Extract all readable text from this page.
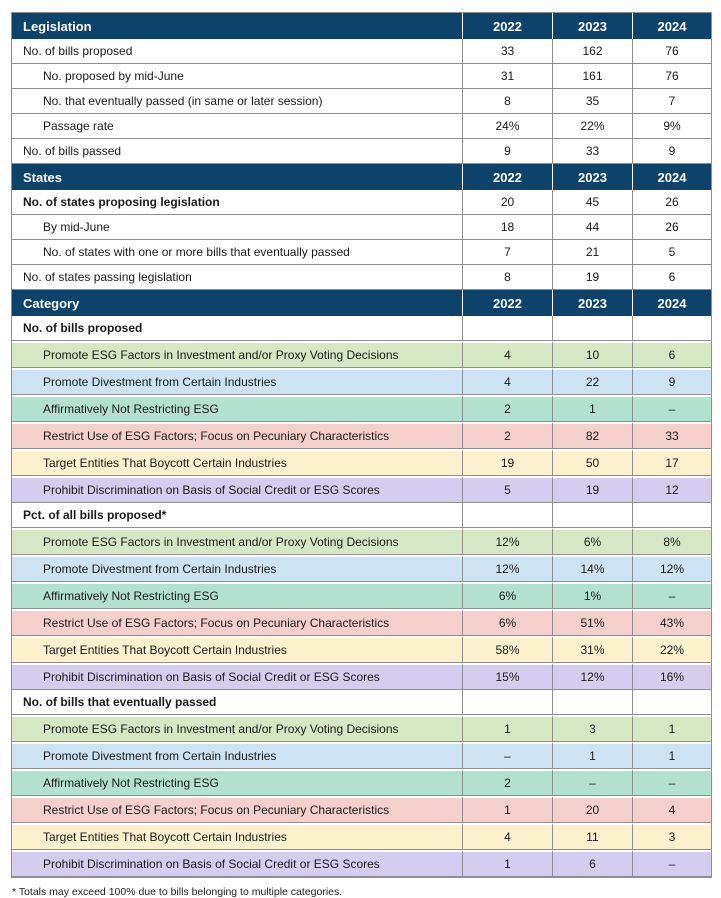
Legislation	2022	2023	2024
No. of bills proposed	33	162	76
No. proposed by mid-June	31	161	76
No. that eventually passed (in same or later session)	8	35	7
Passage rate	24%	22%	9%
No. of bills passed	9	33	9
States	2022	2023	2024
No. of states proposing legislation	20	45	26
By mid-June	18	44	26
No. of states with one or more bills that eventually passed	7	21	5
No. of states passing legislation	8	19	6
Category	2022	2023	2024
No. of bills proposed			
Promote ESG Factors in Investment and/or Proxy Voting Decisions	4	10	6
Promote Divestment from Certain Industries	4	22	9
Affirmatively Not Restricting ESG	2	1	–
Restrict Use of ESG Factors; Focus on Pecuniary Characteristics	2	82	33
Target Entities That Boycott Certain Industries	19	50	17
Prohibit Discrimination on Basis of Social Credit or ESG Scores	5	19	12
Pct. of all bills proposed*			
Promote ESG Factors in Investment and/or Proxy Voting Decisions	12%	6%	8%
Promote Divestment from Certain Industries	12%	14%	12%
Affirmatively Not Restricting ESG	6%	1%	–
Restrict Use of ESG Factors; Focus on Pecuniary Characteristics	6%	51%	43%
Target Entities That Boycott Certain Industries	58%	31%	22%
Prohibit Discrimination on Basis of Social Credit or ESG Scores	15%	12%	16%
No. of bills that eventually passed			
Promote ESG Factors in Investment and/or Proxy Voting Decisions	1	3	1
Promote Divestment from Certain Industries	–	1	1
Affirmatively Not Restricting ESG	2	–	–
Restrict Use of ESG Factors; Focus on Pecuniary Characteristics	1	20	4
Target Entities That Boycott Certain Industries	4	11	3
Prohibit Discrimination on Basis of Social Credit or ESG Scores	1	6	–
* Totals may exceed 100% due to bills belonging to multiple categories.
